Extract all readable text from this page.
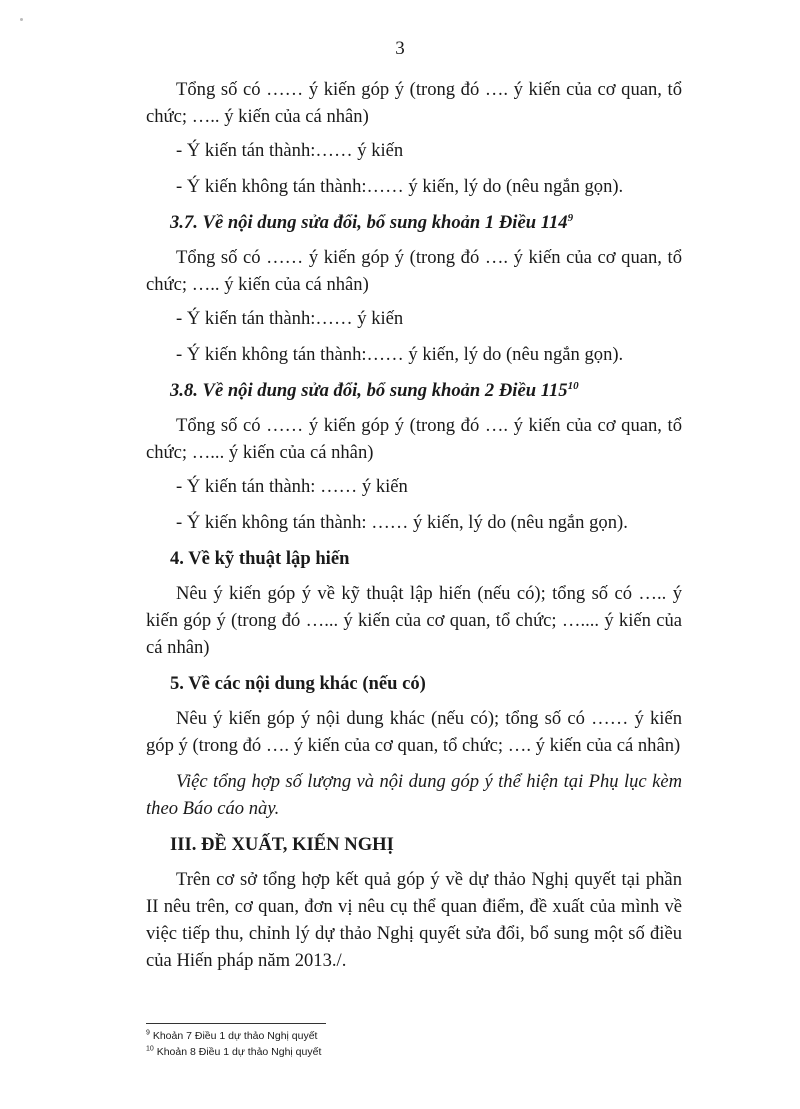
3

Tổng số có …… ý kiến góp ý (trong đó …. ý kiến của cơ quan, tổ chức; ….. ý kiến của cá nhân)

- Ý kiến tán thành:…… ý kiến

- Ý kiến không tán thành:…… ý kiến, lý do (nêu ngắn gọn).

3.7. Về nội dung sửa đổi, bổ sung khoản 1 Điều $114^9$

Tổng số có …… ý kiến góp ý (trong đó …. ý kiến của cơ quan, tổ chức; ….. ý kiến của cá nhân)

- Ý kiến tán thành:…… ý kiến

- Ý kiến không tán thành:…… ý kiến, lý do (nêu ngắn gọn).

3.8. Về nội dung sửa đổi, bổ sung khoản 2 Điều $115^{10}$

Tổng số có …… ý kiến góp ý (trong đó …. ý kiến của cơ quan, tổ chức; …... ý kiến của cá nhân)

- Ý kiến tán thành: …… ý kiến

- Ý kiến không tán thành: …… ý kiến, lý do (nêu ngắn gọn).

4. Về kỹ thuật lập hiến

Nêu ý kiến góp ý về kỹ thuật lập hiến (nếu có); tổng số có ….. ý kiến góp ý (trong đó …... ý kiến của cơ quan, tổ chức; ….... ý kiến của cá nhân)

5. Về các nội dung khác (nếu có)

Nêu ý kiến góp ý nội dung khác (nếu có); tổng số có …… ý kiến góp ý (trong đó …. ý kiến của cơ quan, tổ chức; …. ý kiến của cá nhân)

Việc tổng hợp số lượng và nội dung góp ý thể hiện tại Phụ lục kèm theo Báo cáo này.

III. ĐỀ XUẤT, KIẾN NGHỊ

Trên cơ sở tổng hợp kết quả góp ý về dự thảo Nghị quyết tại phần II nêu trên, cơ quan, đơn vị nêu cụ thể quan điểm, đề xuất của mình về việc tiếp thu, chỉnh lý dự thảo Nghị quyết sửa đổi, bổ sung một số điều của Hiến pháp năm 2013./.

$^9$ Khoản 7 Điều 1 dự thảo Nghị quyết
$^{10}$ Khoản 8 Điều 1 dự thảo Nghị quyết
